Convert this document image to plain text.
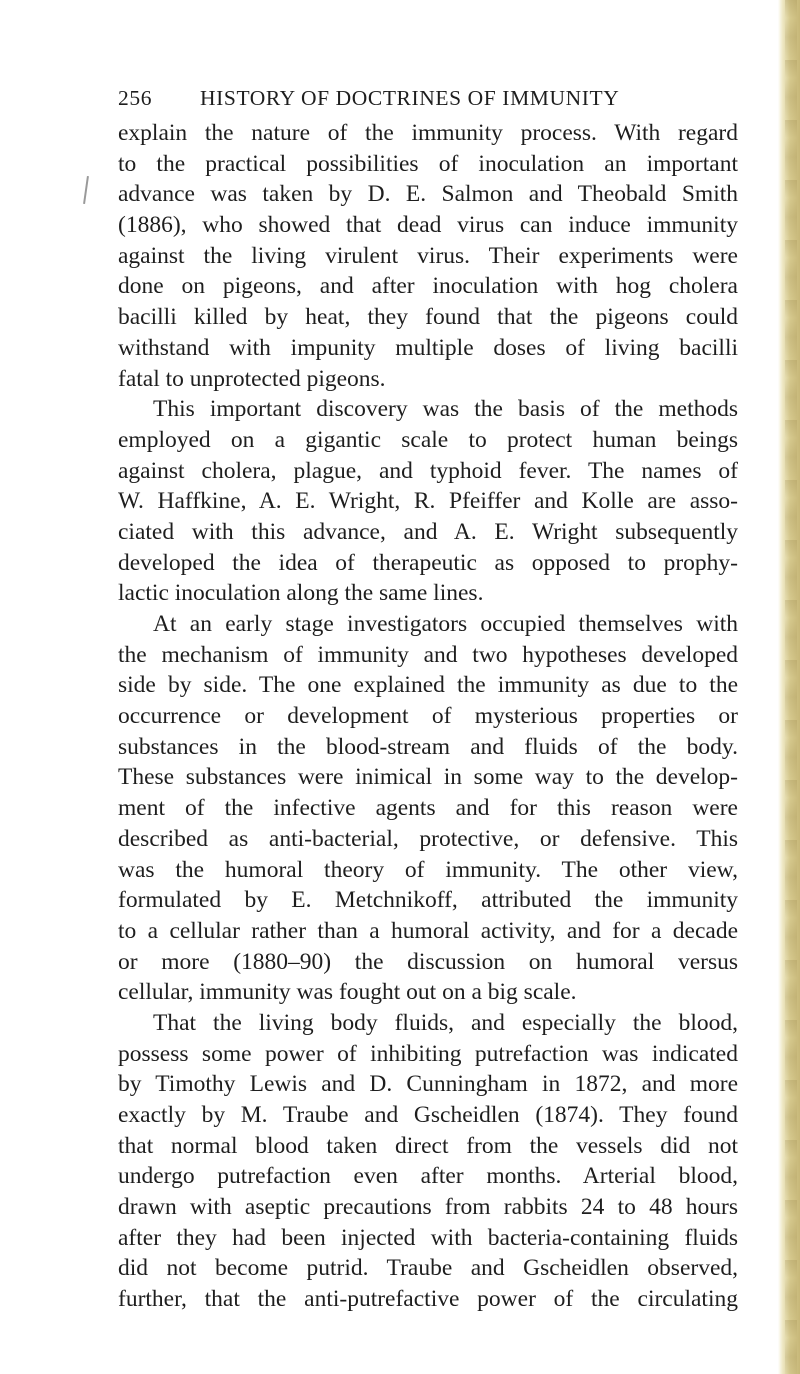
256 HISTORY OF DOCTRINES OF IMMUNITY
explain the nature of the immunity process. With regard
to the practical possibilities of inoculation an important
advance was taken by D. E. Salmon and Theobald Smith
(1886), who showed that dead virus can induce immunity
against the living virulent virus. Their experiments were
done on pigeons, and after inoculation with hog cholera
bacilli killed by heat, they found that the pigeons could
withstand with impunity multiple doses of living bacilli
fatal to unprotected pigeons.
This important discovery was the basis of the methods
employed on a gigantic scale to protect human beings
against cholera, plague, and typhoid fever. The names of
W. Haffkine, A. E. Wright, R. Pfeiffer and Kolle are asso-
ciated with this advance, and A. E. Wright subsequently
developed the idea of therapeutic as opposed to prophy-
lactic inoculation along the same lines.
At an early stage investigators occupied themselves with
the mechanism of immunity and two hypotheses developed
side by side. The one explained the immunity as due to the
occurrence or development of mysterious properties or
substances in the blood-stream and fluids of the body.
These substances were inimical in some way to the develop-
ment of the infective agents and for this reason were
described as anti-bacterial, protective, or defensive. This
was the humoral theory of immunity. The other view,
formulated by E. Metchnikoff, attributed the immunity
to a cellular rather than a humoral activity, and for a decade
or more (1880–90) the discussion on humoral versus
cellular, immunity was fought out on a big scale.
That the living body fluids, and especially the blood,
possess some power of inhibiting putrefaction was indicated
by Timothy Lewis and D. Cunningham in 1872, and more
exactly by M. Traube and Gscheidlen (1874). They found
that normal blood taken direct from the vessels did not
undergo putrefaction even after months. Arterial blood,
drawn with aseptic precautions from rabbits 24 to 48 hours
after they had been injected with bacteria-containing fluids
did not become putrid. Traube and Gscheidlen observed,
further, that the anti-putrefactive power of the circulating
